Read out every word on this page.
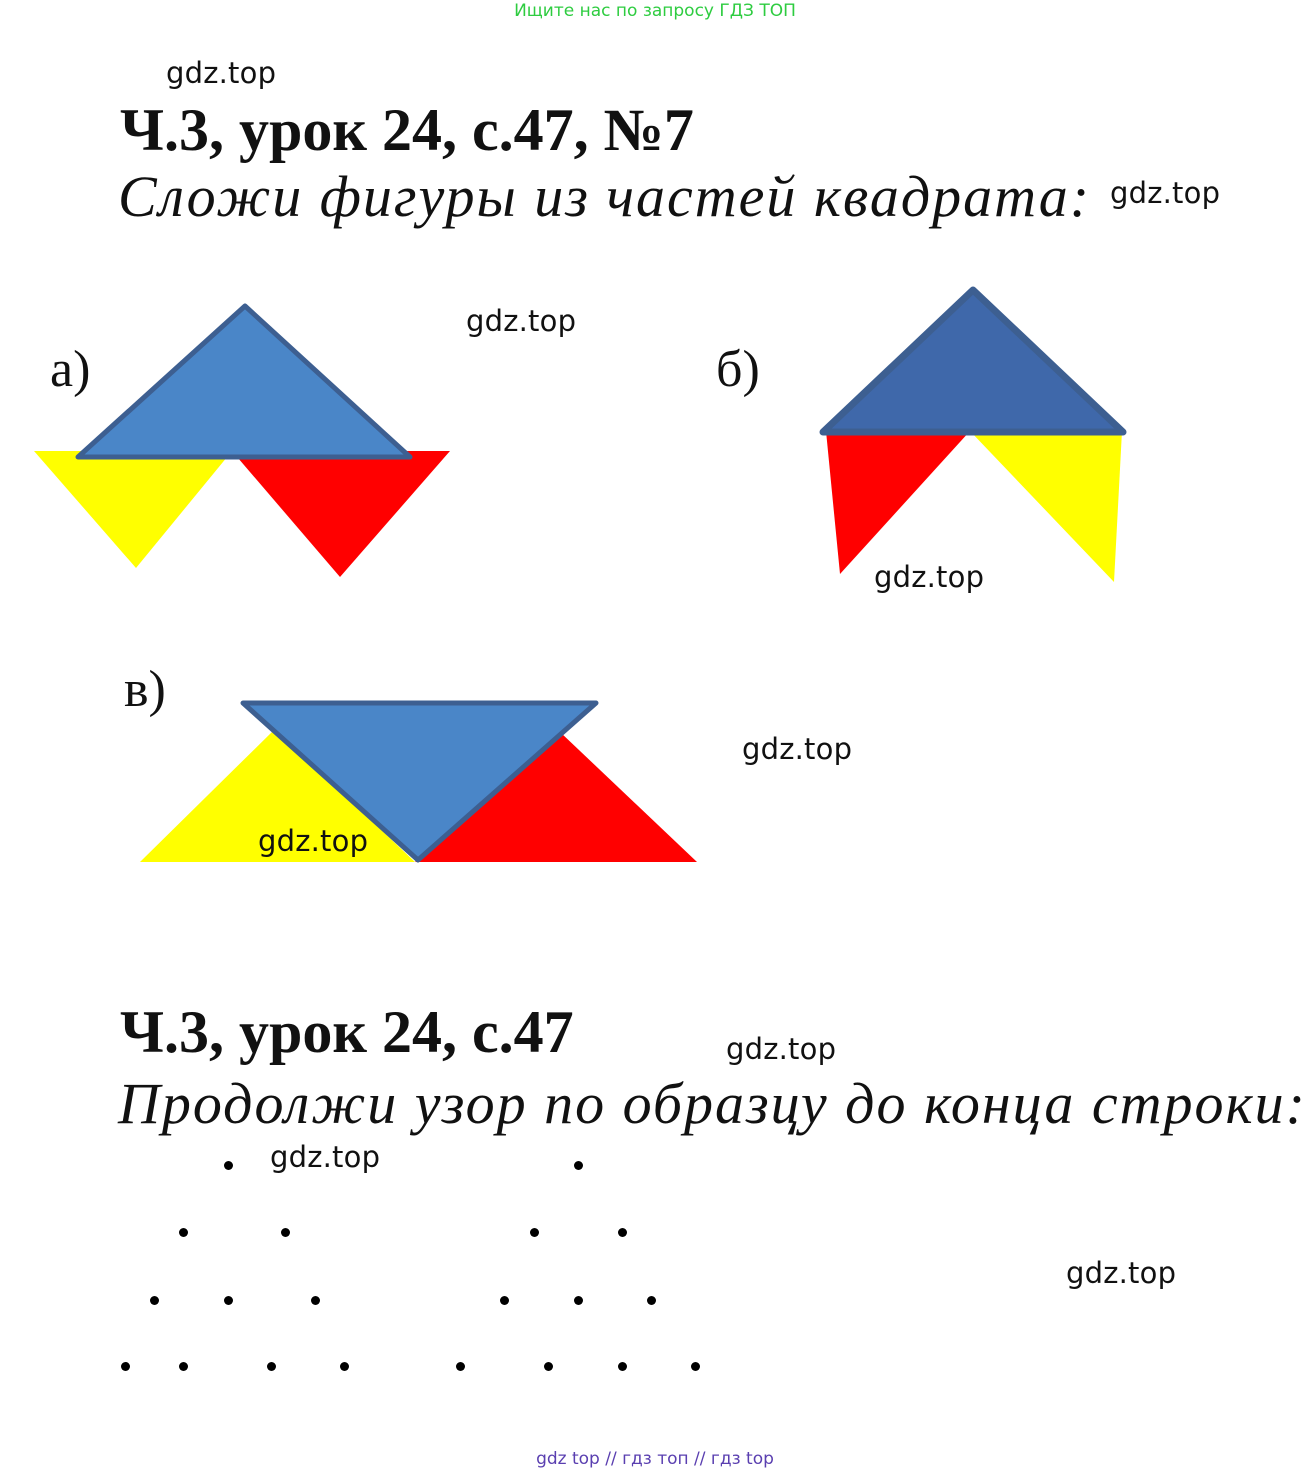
Ищите нас по запросу ГДЗ ТОП
gdz.top
gdz.top
gdz.top
gdz.top
gdz.top
gdz.top
gdz.top
Ч.3, урок 24, с.47, №7
Сложи фигуры из частей квадрата:
а)	б)
в)
gdz.top
gdz.top
Ч.3, урок 24, с.47
Продолжи узор по образцу до конца строки:
gdz top // гдз топ // гдз top
